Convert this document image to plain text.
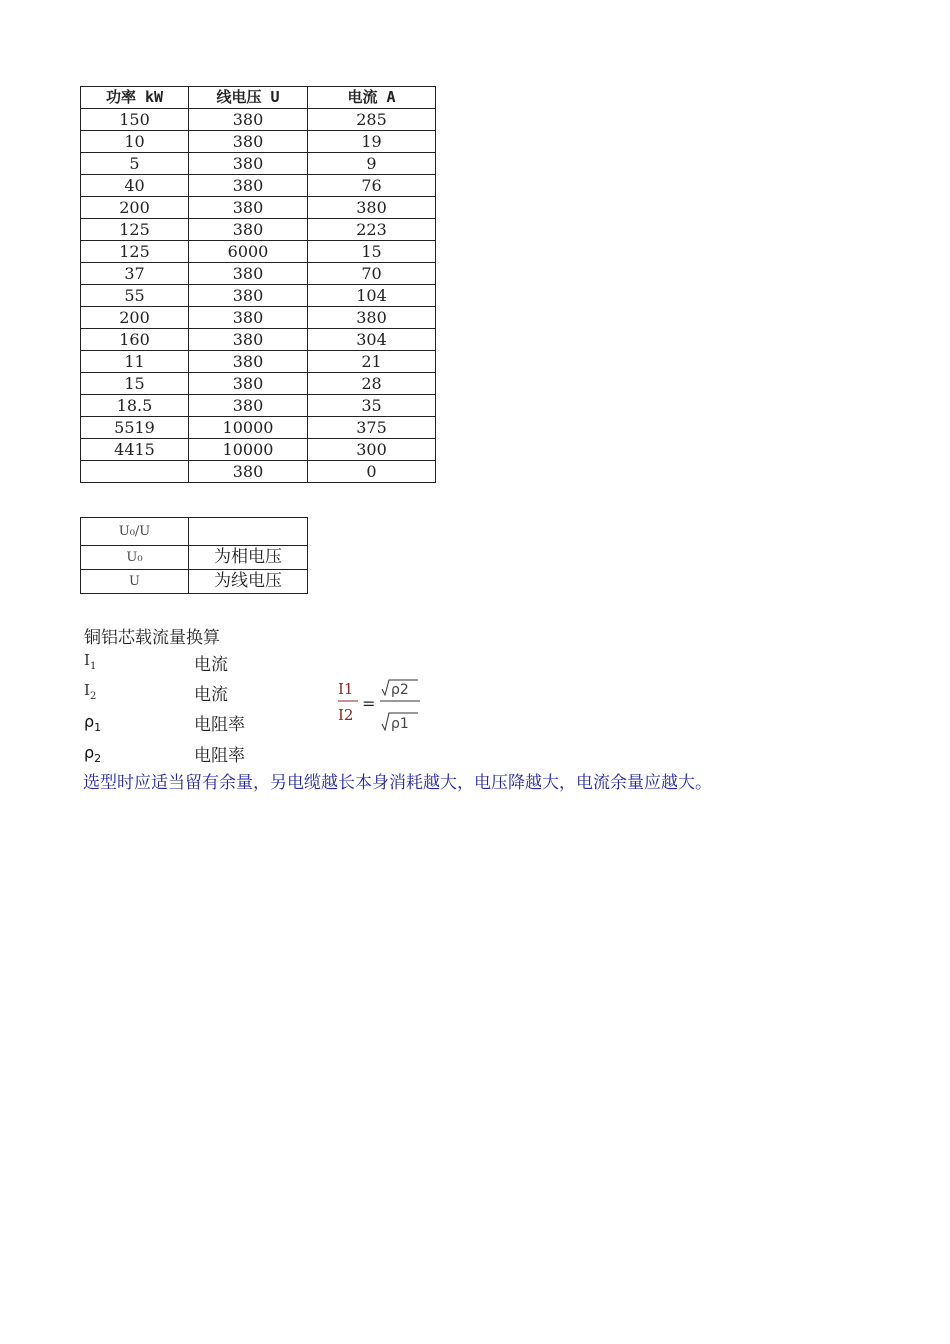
功率 kW	线电压 U	电流 A
150	380	285
10	380	19
5	380	9
40	380	76
200	380	380
125	380	223
125	6000	15
37	380	70
55	380	104
200	380	380
160	380	304
11	380	21
15	380	28
18.5	380	35
5519	10000	375
4415	10000	300
	380	0
U₀/U	
U₀	为相电压
U	为线电压
铜铝芯载流量换算
$I_1$	电流
$I_2$	电流
$\rho_1$	电阻率
$\rho_2$	电阻率
I1
I2
=
ρ2
ρ1
选型时应适当留有余量，另电缆越长本身消耗越大，电压降越大，电流余量应越大。
